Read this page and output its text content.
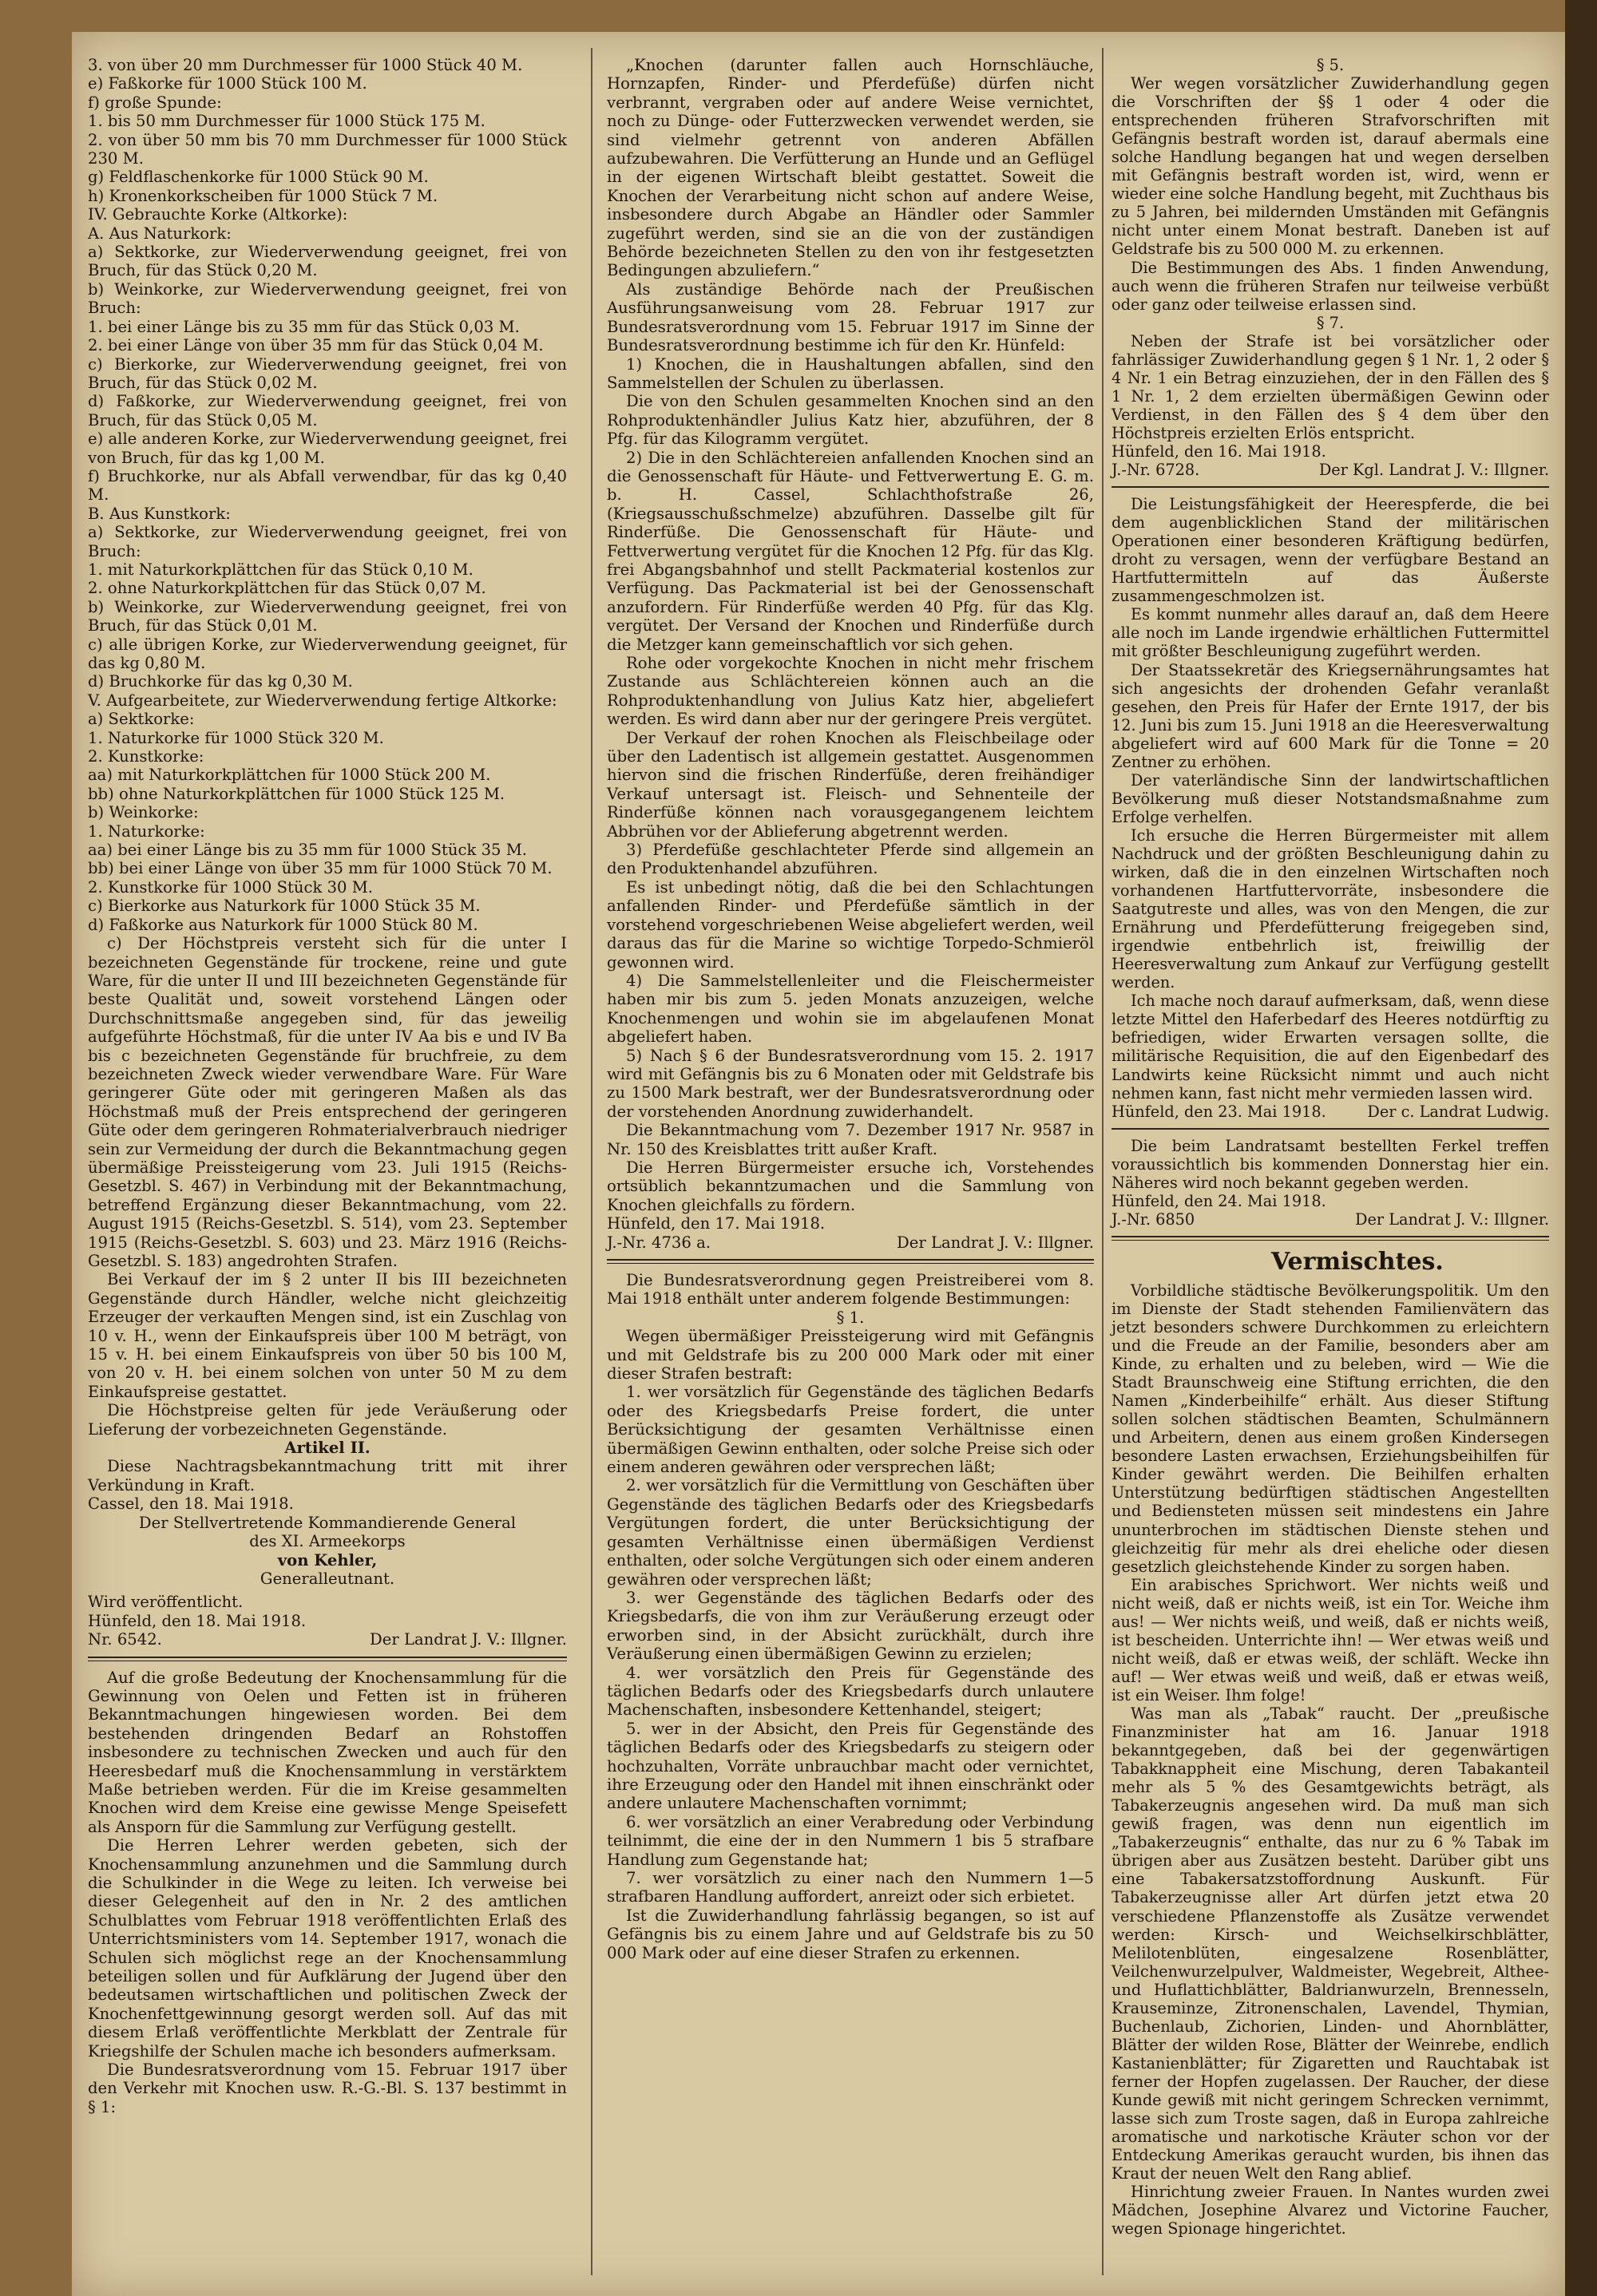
3. von über 20 mm Durchmesser für 1000 Stück 40 M.
e) Faßkorke für 1000 Stück 100 M.
f) große Spunde:
1. bis 50 mm Durchmesser für 1000 Stück 175 M.
2. von über 50 mm bis 70 mm Durchmesser für 1000 Stück 230 M.
g) Feldflaschenkorke für 1000 Stück 90 M.
h) Kronenkorkscheiben für 1000 Stück 7 M.
IV. Gebrauchte Korke (Altkorke):
A. Aus Naturkork:
a) Sektkorke, zur Wiederverwendung geeignet, frei von Bruch, für das Stück 0,20 M.
b) Weinkorke, zur Wiederverwendung geeignet, frei von Bruch:
1. bei einer Länge bis zu 35 mm für das Stück 0,03 M.
2. bei einer Länge von über 35 mm für das Stück 0,04 M.
c) Bierkorke, zur Wiederverwendung geeignet, frei von Bruch, für das Stück 0,02 M.
d) Faßkorke, zur Wiederverwendung geeignet, frei von Bruch, für das Stück 0,05 M.
e) alle anderen Korke, zur Wiederverwendung geeignet, frei von Bruch, für das kg 1,00 M.
f) Bruchkorke, nur als Abfall verwendbar, für das kg 0,40 M.
B. Aus Kunstkork:
a) Sektkorke, zur Wiederverwendung geeignet, frei von Bruch:
1. mit Naturkorkplättchen für das Stück 0,10 M.
2. ohne Naturkorkplättchen für das Stück 0,07 M.
b) Weinkorke, zur Wiederverwendung geeignet, frei von Bruch, für das Stück 0,01 M.
c) alle übrigen Korke, zur Wiederverwendung geeignet, für das kg 0,80 M.
d) Bruchkorke für das kg 0,30 M.
V. Aufgearbeitete, zur Wiederverwendung fertige Altkorke:
a) Sektkorke:
1. Naturkorke für 1000 Stück 320 M.
2. Kunstkorke:
aa) mit Naturkorkplättchen für 1000 Stück 200 M.
bb) ohne Naturkorkplättchen für 1000 Stück 125 M.
b) Weinkorke:
1. Naturkorke:
aa) bei einer Länge bis zu 35 mm für 1000 Stück 35 M.
bb) bei einer Länge von über 35 mm für 1000 Stück 70 M.
2. Kunstkorke für 1000 Stück 30 M.
c) Bierkorke aus Naturkork für 1000 Stück 35 M.
d) Faßkorke aus Naturkork für 1000 Stück 80 M.

c) Der Höchstpreis versteht sich für die unter I bezeichneten Gegenstände für trockene, reine und gute Ware, für die unter II und III bezeichneten Gegenstände für beste Qualität und, soweit vorstehend Längen oder Durchschnittsmaße angegeben sind, für das jeweilig aufgeführte Höchstmaß, für die unter IV Aa bis e und IV Ba bis c bezeichneten Gegenstände für bruchfreie, zu dem bezeichneten Zweck wieder verwendbare Ware. Für Ware geringerer Güte oder mit geringeren Maßen als das Höchstmaß muß der Preis entsprechend der geringeren Güte oder dem geringeren Rohmaterialverbrauch niedriger sein zur Vermeidung der durch die Bekanntmachung gegen übermäßige Preissteigerung vom 23. Juli 1915 (Reichs-Gesetzbl. S. 467) in Verbindung mit der Bekanntmachung, betreffend Ergänzung dieser Bekanntmachung, vom 22. August 1915 (Reichs-Gesetzbl. S. 514), vom 23. September 1915 (Reichs-Gesetzbl. S. 603) und 23. März 1916 (Reichs-Gesetzbl. S. 183) angedrohten Strafen.

Bei Verkauf der im § 2 unter II bis III bezeichneten Gegenstände durch Händler, welche nicht gleichzeitig Erzeuger der verkauften Mengen sind, ist ein Zuschlag von 10 v. H., wenn der Einkaufspreis über 100 M beträgt, von 15 v. H. bei einem Einkaufspreis von über 50 bis 100 M, von 20 v. H. bei einem solchen von unter 50 M zu dem Einkaufspreise gestattet.

Die Höchstpreise gelten für jede Veräußerung oder Lieferung der vorbezeichneten Gegenstände.

Artikel II.

Diese Nachtragsbekanntmachung tritt mit ihrer Verkündung in Kraft.

Cassel, den 18. Mai 1918.

Der Stellvertretende Kommandierende General

des XI. Armeekorps

von Kehler,

Generalleutnant.

Wird veröffentlicht.

Hünfeld, den 18. Mai 1918.

Nr. 6542.	Der Landrat J. V.: Illgner.

Auf die große Bedeutung der Knochensammlung für die Gewinnung von Oelen und Fetten ist in früheren Bekanntmachungen hingewiesen worden. Bei dem bestehenden dringenden Bedarf an Rohstoffen insbesondere zu technischen Zwecken und auch für den Heeresbedarf muß die Knochensammlung in verstärktem Maße betrieben werden. Für die im Kreise gesammelten Knochen wird dem Kreise eine gewisse Menge Speisefett als Ansporn für die Sammlung zur Verfügung gestellt.

Die Herren Lehrer werden gebeten, sich der Knochensammlung anzunehmen und die Sammlung durch die Schulkinder in die Wege zu leiten. Ich verweise bei dieser Gelegenheit auf den in Nr. 2 des amtlichen Schulblattes vom Februar 1918 veröffentlichten Erlaß des Unterrichtsministers vom 14. September 1917, wonach die Schulen sich möglichst rege an der Knochensammlung beteiligen sollen und für Aufklärung der Jugend über den bedeutsamen wirtschaftlichen und politischen Zweck der Knochenfettgewinnung gesorgt werden soll. Auf das mit diesem Erlaß veröffentlichte Merkblatt der Zentrale für Kriegshilfe der Schulen mache ich besonders aufmerksam.

Die Bundesratsverordnung vom 15. Februar 1917 über den Verkehr mit Knochen usw. R.-G.-Bl. S. 137 bestimmt in § 1:

„Knochen (darunter fallen auch Hornschläuche, Hornzapfen, Rinder- und Pferdefüße) dürfen nicht verbrannt, vergraben oder auf andere Weise vernichtet, noch zu Dünge- oder Futterzwecken verwendet werden, sie sind vielmehr getrennt von anderen Abfällen aufzubewahren. Die Verfütterung an Hunde und an Geflügel in der eigenen Wirtschaft bleibt gestattet. Soweit die Knochen der Verarbeitung nicht schon auf andere Weise, insbesondere durch Abgabe an Händler oder Sammler zugeführt werden, sind sie an die von der zuständigen Behörde bezeichneten Stellen zu den von ihr festgesetzten Bedingungen abzuliefern.“

Als zuständige Behörde nach der Preußischen Ausführungsanweisung vom 28. Februar 1917 zur Bundesratsverordnung vom 15. Februar 1917 im Sinne der Bundesratsverordnung bestimme ich für den Kr. Hünfeld:

1) Knochen, die in Haushaltungen abfallen, sind den Sammelstellen der Schulen zu überlassen.

Die von den Schulen gesammelten Knochen sind an den Rohproduktenhändler Julius Katz hier, abzuführen, der 8 Pfg. für das Kilogramm vergütet.

2) Die in den Schlächtereien anfallenden Knochen sind an die Genossenschaft für Häute- und Fettverwertung E. G. m. b. H. Cassel, Schlachthofstraße 26, (Kriegsausschußschmelze) abzuführen. Dasselbe gilt für Rinderfüße. Die Genossenschaft für Häute- und Fettverwertung vergütet für die Knochen 12 Pfg. für das Klg. frei Abgangsbahnhof und stellt Packmaterial kostenlos zur Verfügung. Das Packmaterial ist bei der Genossenschaft anzufordern. Für Rinderfüße werden 40 Pfg. für das Klg. vergütet. Der Versand der Knochen und Rinderfüße durch die Metzger kann gemeinschaftlich vor sich gehen.

Rohe oder vorgekochte Knochen in nicht mehr frischem Zustande aus Schlächtereien können auch an die Rohproduktenhandlung von Julius Katz hier, abgeliefert werden. Es wird dann aber nur der geringere Preis vergütet.

Der Verkauf der rohen Knochen als Fleischbeilage oder über den Ladentisch ist allgemein gestattet. Ausgenommen hiervon sind die frischen Rinderfüße, deren freihändiger Verkauf untersagt ist. Fleisch- und Sehnenteile der Rinderfüße können nach vorausgegangenem leichtem Abbrühen vor der Ablieferung abgetrennt werden.

3) Pferdefüße geschlachteter Pferde sind allgemein an den Produktenhandel abzuführen.

Es ist unbedingt nötig, daß die bei den Schlachtungen anfallenden Rinder- und Pferdefüße sämtlich in der vorstehend vorgeschriebenen Weise abgeliefert werden, weil daraus das für die Marine so wichtige Torpedo-Schmieröl gewonnen wird.

4) Die Sammelstellenleiter und die Fleischermeister haben mir bis zum 5. jeden Monats anzuzeigen, welche Knochenmengen und wohin sie im abgelaufenen Monat abgeliefert haben.

5) Nach § 6 der Bundesratsverordnung vom 15. 2. 1917 wird mit Gefängnis bis zu 6 Monaten oder mit Geldstrafe bis zu 1500 Mark bestraft, wer der Bundesratsverordnung oder der vorstehenden Anordnung zuwiderhandelt.

Die Bekanntmachung vom 7. Dezember 1917 Nr. 9587 in Nr. 150 des Kreisblattes tritt außer Kraft.

Die Herren Bürgermeister ersuche ich, Vorstehendes ortsüblich bekanntzumachen und die Sammlung von Knochen gleichfalls zu fördern.

Hünfeld, den 17. Mai 1918.

J.-Nr. 4736 a.	Der Landrat J. V.: Illgner.

Die Bundesratsverordnung gegen Preistreiberei vom 8. Mai 1918 enthält unter anderem folgende Bestimmungen:

§ 1.

Wegen übermäßiger Preissteigerung wird mit Gefängnis und mit Geldstrafe bis zu 200 000 Mark oder mit einer dieser Strafen bestraft:

1. wer vorsätzlich für Gegenstände des täglichen Bedarfs oder des Kriegsbedarfs Preise fordert, die unter Berücksichtigung der gesamten Verhältnisse einen übermäßigen Gewinn enthalten, oder solche Preise sich oder einem anderen gewähren oder versprechen läßt;

2. wer vorsätzlich für die Vermittlung von Geschäften über Gegenstände des täglichen Bedarfs oder des Kriegsbedarfs Vergütungen fordert, die unter Berücksichtigung der gesamten Verhältnisse einen übermäßigen Verdienst enthalten, oder solche Vergütungen sich oder einem anderen gewähren oder versprechen läßt;

3. wer Gegenstände des täglichen Bedarfs oder des Kriegsbedarfs, die von ihm zur Veräußerung erzeugt oder erworben sind, in der Absicht zurückhält, durch ihre Veräußerung einen übermäßigen Gewinn zu erzielen;

4. wer vorsätzlich den Preis für Gegenstände des täglichen Bedarfs oder des Kriegsbedarfs durch unlautere Machenschaften, insbesondere Kettenhandel, steigert;

5. wer in der Absicht, den Preis für Gegenstände des täglichen Bedarfs oder des Kriegsbedarfs zu steigern oder hochzuhalten, Vorräte unbrauchbar macht oder vernichtet, ihre Erzeugung oder den Handel mit ihnen einschränkt oder andere unlautere Machenschaften vornimmt;

6. wer vorsätzlich an einer Verabredung oder Verbindung teilnimmt, die eine der in den Nummern 1 bis 5 strafbare Handlung zum Gegenstande hat;

7. wer vorsätzlich zu einer nach den Nummern 1—5 strafbaren Handlung auffordert, anreizt oder sich erbietet.

Ist die Zuwiderhandlung fahrlässig begangen, so ist auf Gefängnis bis zu einem Jahre und auf Geldstrafe bis zu 50 000 Mark oder auf eine dieser Strafen zu erkennen.

§ 5.

Wer wegen vorsätzlicher Zuwiderhandlung gegen die Vorschriften der §§ 1 oder 4 oder die entsprechenden früheren Strafvorschriften mit Gefängnis bestraft worden ist, darauf abermals eine solche Handlung begangen hat und wegen derselben mit Gefängnis bestraft worden ist, wird, wenn er wieder eine solche Handlung begeht, mit Zuchthaus bis zu 5 Jahren, bei mildernden Umständen mit Gefängnis nicht unter einem Monat bestraft. Daneben ist auf Geldstrafe bis zu 500 000 M. zu erkennen.

Die Bestimmungen des Abs. 1 finden Anwendung, auch wenn die früheren Strafen nur teilweise verbüßt oder ganz oder teilweise erlassen sind.

§ 7.

Neben der Strafe ist bei vorsätzlicher oder fahrlässiger Zuwiderhandlung gegen § 1 Nr. 1, 2 oder § 4 Nr. 1 ein Betrag einzuziehen, der in den Fällen des § 1 Nr. 1, 2 dem erzielten übermäßigen Gewinn oder Verdienst, in den Fällen des § 4 dem über den Höchstpreis erzielten Erlös entspricht.

Hünfeld, den 16. Mai 1918.

J.-Nr. 6728.	Der Kgl. Landrat J. V.: Illgner.

Die Leistungsfähigkeit der Heerespferde, die bei dem augenblicklichen Stand der militärischen Operationen einer besonderen Kräftigung bedürfen, droht zu versagen, wenn der verfügbare Bestand an Hartfuttermitteln auf das Äußerste zusammengeschmolzen ist.

Es kommt nunmehr alles darauf an, daß dem Heere alle noch im Lande irgendwie erhältlichen Futtermittel mit größter Beschleunigung zugeführt werden.

Der Staatssekretär des Kriegsernährungsamtes hat sich angesichts der drohenden Gefahr veranlaßt gesehen, den Preis für Hafer der Ernte 1917, der bis 12. Juni bis zum 15. Juni 1918 an die Heeresverwaltung abgeliefert wird auf 600 Mark für die Tonne = 20 Zentner zu erhöhen.

Der vaterländische Sinn der landwirtschaftlichen Bevölkerung muß dieser Notstandsmaßnahme zum Erfolge verhelfen.

Ich ersuche die Herren Bürgermeister mit allem Nachdruck und der größten Beschleunigung dahin zu wirken, daß die in den einzelnen Wirtschaften noch vorhandenen Hartfuttervorräte, insbesondere die Saatgutreste und alles, was von den Mengen, die zur Ernährung und Pferdefütterung freigegeben sind, irgendwie entbehrlich ist, freiwillig der Heeresverwaltung zum Ankauf zur Verfügung gestellt werden.

Ich mache noch darauf aufmerksam, daß, wenn diese letzte Mittel den Haferbedarf des Heeres notdürftig zu befriedigen, wider Erwarten versagen sollte, die militärische Requisition, die auf den Eigenbedarf des Landwirts keine Rücksicht nimmt und auch nicht nehmen kann, fast nicht mehr vermieden lassen wird.

Hünfeld, den 23. Mai 1918.	Der c. Landrat Ludwig.

Die beim Landratsamt bestellten Ferkel treffen voraussichtlich bis kommenden Donnerstag hier ein. Näheres wird noch bekannt gegeben werden.

Hünfeld, den 24. Mai 1918.

J.-Nr. 6850	Der Landrat J. V.: Illgner.

Vermischtes.

Vorbildliche städtische Bevölkerungspolitik. Um den im Dienste der Stadt stehenden Familienvätern das jetzt besonders schwere Durchkommen zu erleichtern und die Freude an der Familie, besonders aber am Kinde, zu erhalten und zu beleben, wird — Wie die Stadt Braunschweig eine Stiftung errichten, die den Namen „Kinderbeihilfe“ erhält. Aus dieser Stiftung sollen solchen städtischen Beamten, Schulmännern und Arbeitern, denen aus einem großen Kindersegen besondere Lasten erwachsen, Erziehungsbeihilfen für Kinder gewährt werden. Die Beihilfen erhalten Unterstützung bedürftigen städtischen Angestellten und Bediensteten müssen seit mindestens ein Jahre ununterbrochen im städtischen Dienste stehen und gleichzeitig für mehr als drei eheliche oder diesen gesetzlich gleichstehende Kinder zu sorgen haben.

Ein arabisches Sprichwort. Wer nichts weiß und nicht weiß, daß er nichts weiß, ist ein Tor. Weiche ihm aus! — Wer nichts weiß, und weiß, daß er nichts weiß, ist bescheiden. Unterrichte ihn! — Wer etwas weiß und nicht weiß, daß er etwas weiß, der schläft. Wecke ihn auf! — Wer etwas weiß und weiß, daß er etwas weiß, ist ein Weiser. Ihm folge!

Was man als „Tabak“ raucht. Der „preußische Finanzminister hat am 16. Januar 1918 bekanntgegeben, daß bei der gegenwärtigen Tabakknappheit eine Mischung, deren Tabakanteil mehr als 5 % des Gesamtgewichts beträgt, als Tabakerzeugnis angesehen wird. Da muß man sich gewiß fragen, was denn nun eigentlich im „Tabakerzeugnis“ enthalte, das nur zu 6 % Tabak im übrigen aber aus Zusätzen besteht. Darüber gibt uns eine Tabakersatzstoffordnung Auskunft. Für Tabakerzeugnisse aller Art dürfen jetzt etwa 20 verschiedene Pflanzenstoffe als Zusätze verwendet werden: Kirsch- und Weichselkirschblätter, Melilotenblüten, eingesalzene Rosenblätter, Veilchenwurzelpulver, Waldmeister, Wegebreit, Althee- und Huflattichblätter, Baldrianwurzeln, Brennesseln, Krauseminze, Zitronenschalen, Lavendel, Thymian, Buchenlaub, Zichorien, Linden- und Ahornblätter, Blätter der wilden Rose, Blätter der Weinrebe, endlich Kastanienblätter; für Zigaretten und Rauchtabak ist ferner der Hopfen zugelassen. Der Raucher, der diese Kunde gewiß mit nicht geringem Schrecken vernimmt, lasse sich zum Troste sagen, daß in Europa zahlreiche aromatische und narkotische Kräuter schon vor der Entdeckung Amerikas geraucht wurden, bis ihnen das Kraut der neuen Welt den Rang ablief.

Hinrichtung zweier Frauen. In Nantes wurden zwei Mädchen, Josephine Alvarez und Victorine Faucher, wegen Spionage hingerichtet.
